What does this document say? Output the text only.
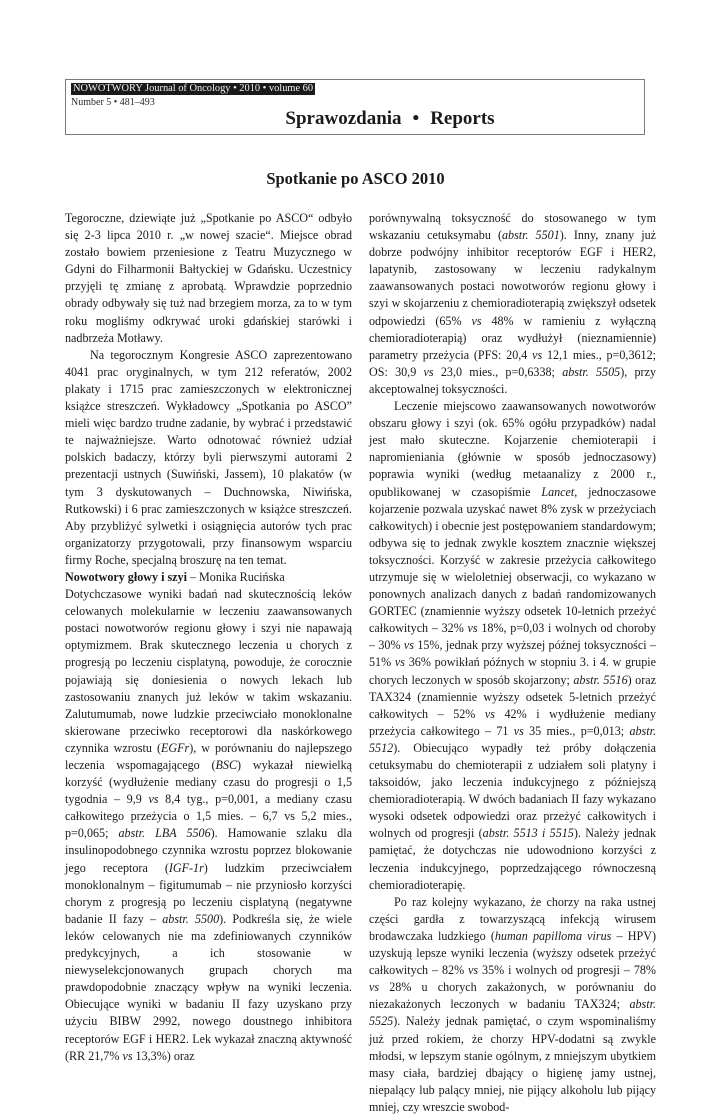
NOWOTWORY Journal of Oncology • 2010 • volume 60
Number 5 • 481–493
Sprawozdania • Reports
Spotkanie po ASCO 2010

Tegoroczne, dziewiąte już „Spotkanie po ASCO“ odbyło się 2-3 lipca 2010 r. „w nowej szacie“. Miejsce obrad zostało bowiem przeniesione z Teatru Muzycznego w Gdyni do Filharmonii Bałtyckiej w Gdańsku. Uczestnicy przyjęli tę zmianę z aprobatą. Wprawdzie poprzednio obrady odbywały się tuż nad brzegiem morza, za to w tym roku mogliśmy odkrywać uroki gdańskiej starówki i nadbrzeża Motławy.

Na tegorocznym Kongresie ASCO zaprezentowano 4041 prac oryginalnych, w tym 212 referatów, 2002 plakaty i 1715 prac zamieszczonych w elektronicznej książce streszczeń. Wykładowcy „Spotkania po ASCO” mieli więc bardzo trudne zadanie, by wybrać i przedstawić te najważniejsze. Warto odnotować również udział polskich badaczy, którzy byli pierwszymi autorami 2 prezentacji ustnych (Suwiński, Jassem), 10 plakatów (w tym 3 dyskutowanych – Duchnowska, Niwińska, Rutkowski) i 6 prac zamieszczonych w książce streszczeń. Aby przybliżyć sylwetki i osiągnięcia autorów tych prac organizatorzy przygotowali, przy finansowym wsparciu firmy Roche, specjalną broszurę na ten temat.

Nowotwory głowy i szyi – Monika Rucińska

Dotychczasowe wyniki badań nad skutecznością leków celowanych molekularnie w leczeniu zaawansowanych postaci nowotworów regionu głowy i szyi nie napawają optymizmem. Brak skutecznego leczenia u chorych z progresją po leczeniu cisplatyną, powoduje, że corocznie pojawiają się doniesienia o nowych lekach lub zastosowaniu znanych już leków w takim wskazaniu. Zalutumumab, nowe ludzkie przeciwciało monoklonalne skierowane przeciwko receptorowi dla naskórkowego czynnika wzrostu (EGFr), w porównaniu do najlepszego leczenia wspomagającego (BSC) wykazał niewielką korzyść (wydłużenie mediany czasu do progresji o 1,5 tygodnia – 9,9 vs 8,4 tyg., p=0,001, a mediany czasu całkowitego przeżycia o 1,5 mies. – 6,7 vs 5,2 mies., p=0,065; abstr. LBA 5506). Hamowanie szlaku dla insulinopodobnego czynnika wzrostu poprzez blokowanie jego receptora (IGF-1r) ludzkim przeciwciałem monoklonalnym – figitumumab – nie przyniosło korzyści chorym z progresją po leczeniu cisplatyną (negatywne badanie II fazy – abstr. 5500). Podkreśla się, że wiele leków celowanych nie ma zdefiniowanych czynników predykcyjnych, a ich stosowanie w niewyselekcjonowanych grupach chorych ma prawdopodobnie znaczący wpływ na wyniki leczenia. Obiecujące wyniki w badaniu II fazy uzyskano przy użyciu BIBW 2992, nowego doustnego inhibitora receptorów EGF i HER2. Lek wykazał znaczną aktywność (RR 21,7% vs 13,3%) oraz

porównywalną toksyczność do stosowanego w tym wskazaniu cetuksymabu (abstr. 5501). Inny, znany już dobrze podwójny inhibitor receptorów EGF i HER2, lapatynib, zastosowany w leczeniu radykalnym zaawansowanych postaci nowotworów regionu głowy i szyi w skojarzeniu z chemioradioterapią zwiększył odsetek odpowiedzi (65% vs 48% w ramieniu z wyłączną chemioradioterapią) oraz wydłużył (nieznamiennie) parametry przeżycia (PFS: 20,4 vs 12,1 mies., p=0,3612; OS: 30,9 vs 23,0 mies., p=0,6338; abstr. 5505), przy akceptowalnej toksyczności.

Leczenie miejscowo zaawansowanych nowotworów obszaru głowy i szyi (ok. 65% ogółu przypadków) nadal jest mało skuteczne. Kojarzenie chemioterapii i napromieniania (głównie w sposób jednoczasowy) poprawia wyniki (według metaanalizy z 2000 r., opublikowanej w czasopiśmie Lancet, jednoczasowe kojarzenie pozwala uzyskać nawet 8% zysk w przeżyciach całkowitych) i obecnie jest postępowaniem standardowym; odbywa się to jednak zwykle kosztem znacznie większej toksyczności. Korzyść w zakresie przeżycia całkowitego utrzymuje się w wieloletniej obserwacji, co wykazano w ponownych analizach danych z badań randomizowanych GORTEC (znamiennie wyższy odsetek 10-letnich przeżyć całkowitych – 32% vs 18%, p=0,03 i wolnych od choroby – 30% vs 15%, jednak przy wyższej późnej toksyczności – 51% vs 36% powikłań późnych w stopniu 3. i 4. w grupie chorych leczonych w sposób skojarzony; abstr. 5516) oraz TAX324 (znamiennie wyższy odsetek 5-letnich przeżyć całkowitych – 52% vs 42% i wydłużenie mediany przeżycia całkowitego – 71 vs 35 mies., p=0,013; abstr. 5512). Obiecująco wypadły też próby dołączenia cetuksymabu do chemioterapii z udziałem soli platyny i taksoidów, jako leczenia indukcyjnego z późniejszą chemioradioterapią. W dwóch badaniach II fazy wykazano wysoki odsetek odpowiedzi oraz przeżyć całkowitych i wolnych od progresji (abstr. 5513 i 5515). Należy jednak pamiętać, że dotychczas nie udowodniono korzyści z leczenia indukcyjnego, poprzedzającego równoczesną chemioradioterapię.

Po raz kolejny wykazano, że chorzy na raka ustnej części gardła z towarzyszącą infekcją wirusem brodawczaka ludzkiego (human papilloma virus – HPV) uzyskują lepsze wyniki leczenia (wyższy odsetek przeżyć całkowitych – 82% vs 35% i wolnych od progresji – 78% vs 28% u chorych zakażonych, w porównaniu do niezakażonych leczonych w badaniu TAX324; abstr. 5525). Należy jednak pamiętać, o czym wspominaliśmy już przed rokiem, że chorzy HPV-dodatni są zwykle młodsi, w lepszym stanie ogólnym, z mniejszym ubytkiem masy ciała, bardziej dbający o higienę jamy ustnej, niepalący lub palący mniej, nie pijący alkoholu lub pijący mniej, czy wreszcie swobod-
